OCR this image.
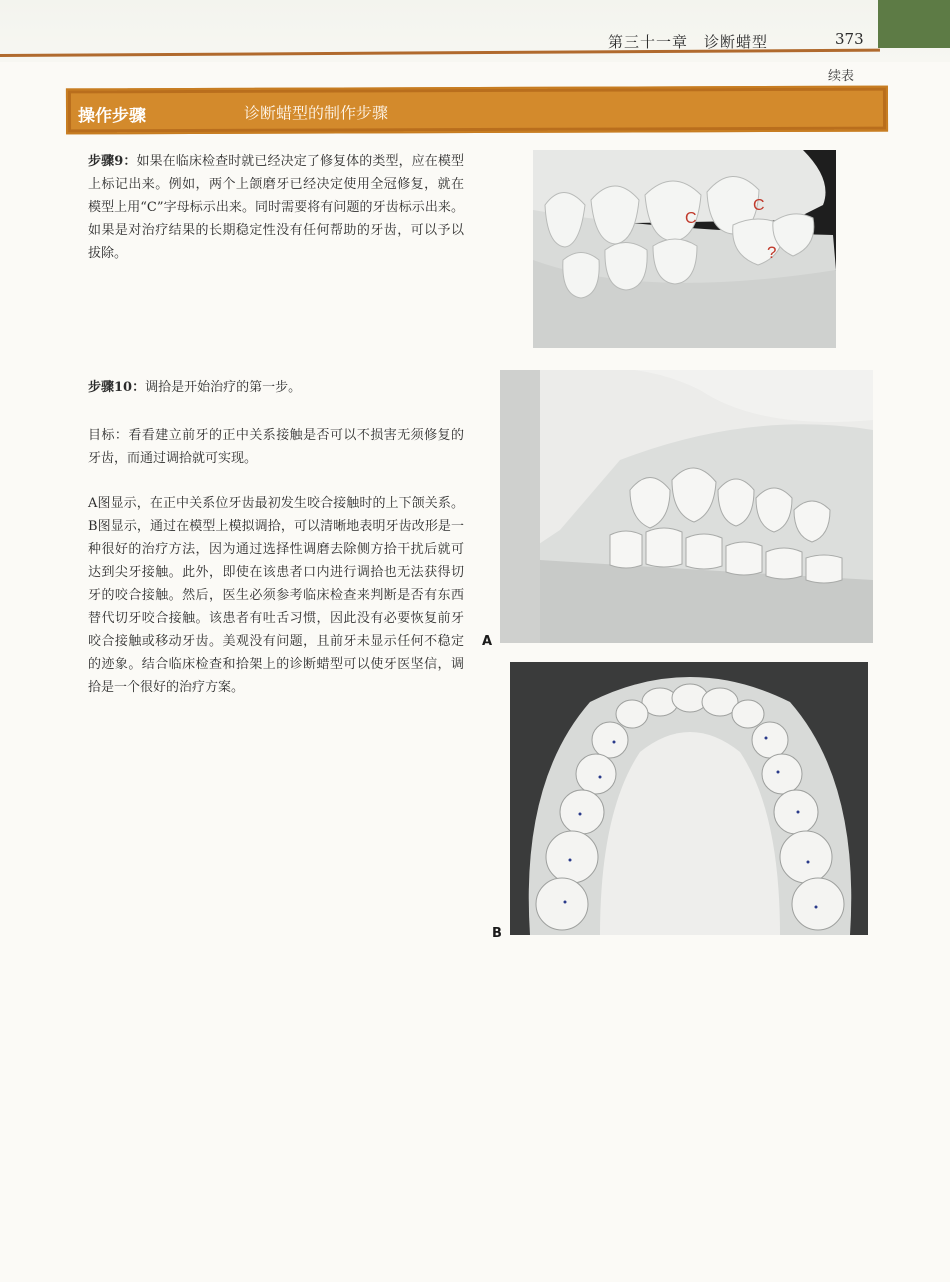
第三十一章　诊断蜡型	373
续表
操作步骤	诊断蜡型的制作步骤

步骤9：如果在临床检查时就已经决定了修复体的类型，应在模型上标记出来。例如，两个上颌磨牙已经决定使用全冠修复，就在模型上用“C”字母标示出来。同时需要将有问题的牙齿标示出来。如果是对治疗结果的长期稳定性没有任何帮助的牙齿，可以予以拔除。

步骤10：调拾是开始治疗的第一步。

目标：看看建立前牙的正中关系接触是否可以不损害无须修复的牙齿，而通过调拾就可实现。

A图显示，在正中关系位牙齿最初发生咬合接触时的上下颌关系。B图显示，通过在模型上模拟调拾，可以清晰地表明牙齿改形是一种很好的治疗方法，因为通过选择性调磨去除侧方拾干扰后就可达到尖牙接触。此外，即使在该患者口内进行调拾也无法获得切牙的咬合接触。然后，医生必须参考临床检查来判断是否有东西替代切牙咬合接触。该患者有吐舌习惯，因此没有必要恢复前牙咬合接触或移动牙齿。美观没有问题，且前牙未显示任何不稳定的迹象。结合临床检查和拾架上的诊断蜡型可以使牙医坚信，调拾是一个很好的治疗方案。

C
C
?
A
B
